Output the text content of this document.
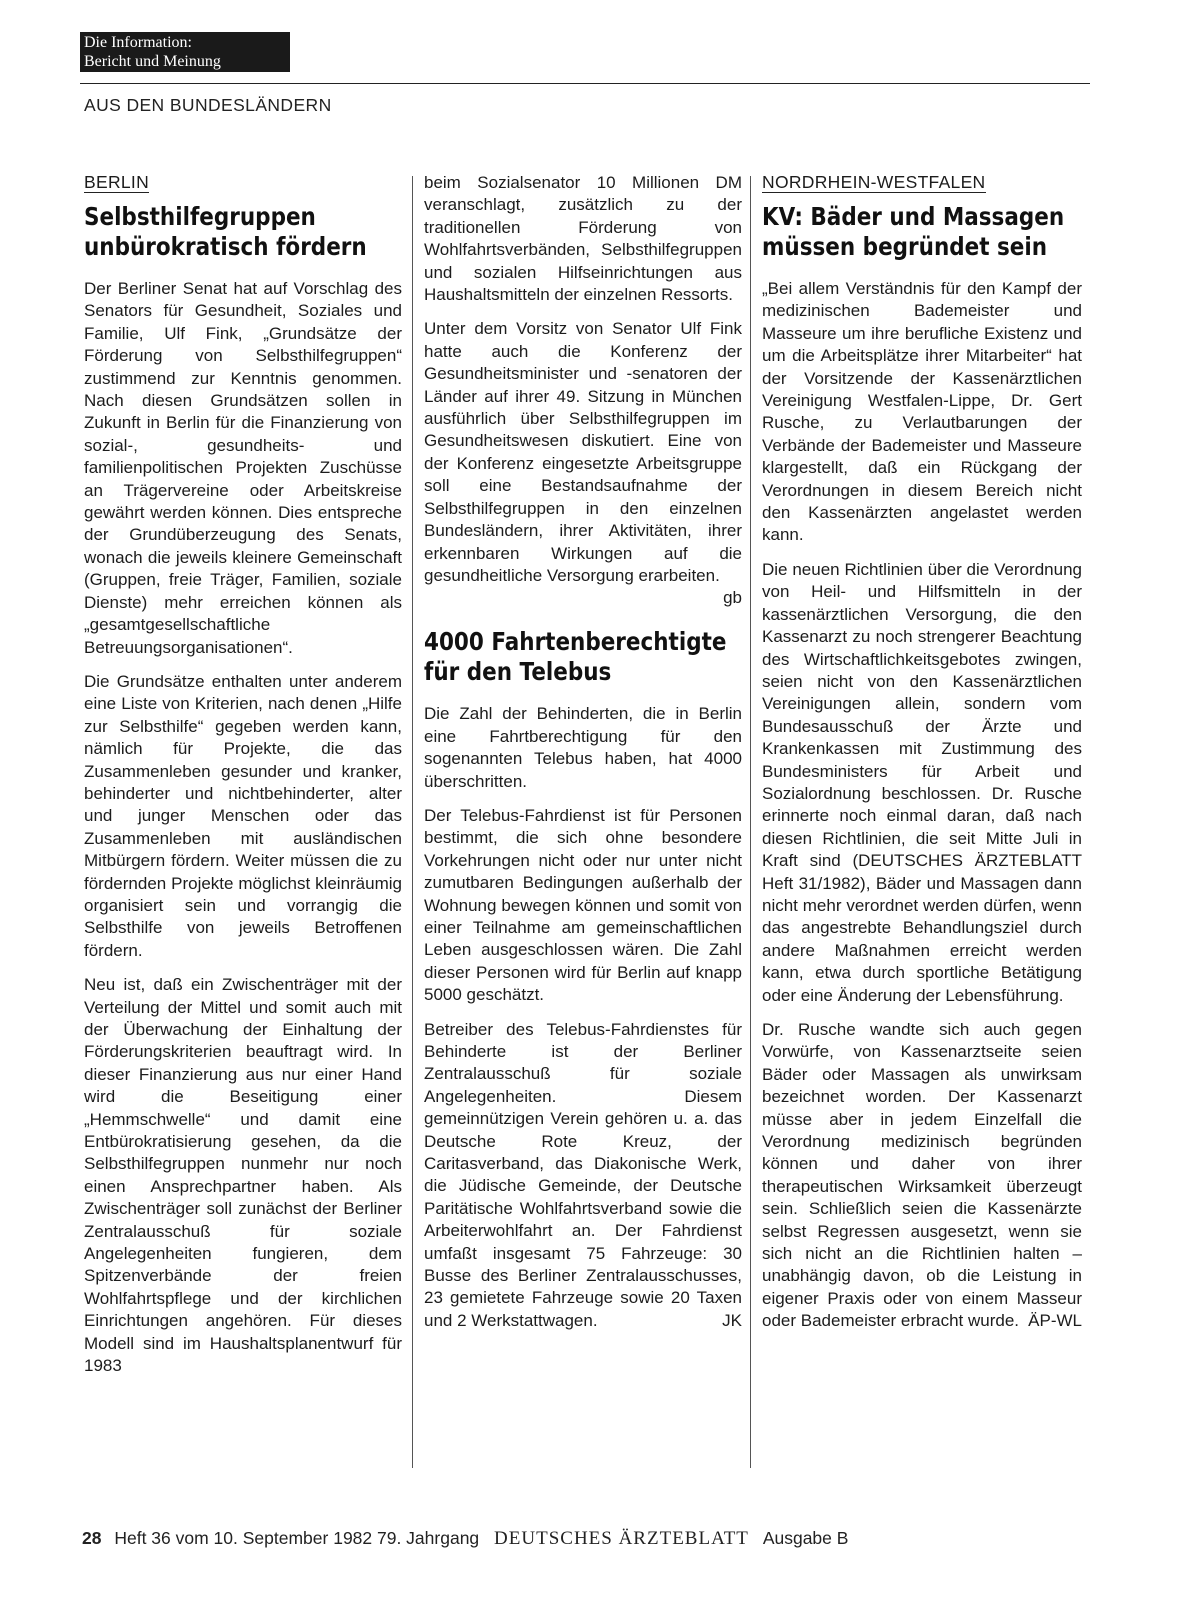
Die Information:
Bericht und Meinung
AUS DEN BUNDESLÄNDERN
BERLIN
Selbsthilfegruppen
unbürokratisch fördern

Der Berliner Senat hat auf Vorschlag des Senators für Gesundheit, Soziales und Familie, Ulf Fink, „Grundsätze der Förderung von Selbsthilfegruppen“ zustimmend zur Kenntnis genommen. Nach diesen Grundsätzen sollen in Zukunft in Berlin für die Finanzierung von sozial-, gesundheits- und familienpolitischen Projekten Zuschüsse an Trägervereine oder Arbeitskreise gewährt werden können. Dies entspreche der Grundüberzeugung des Senats, wonach die jeweils kleinere Gemeinschaft (Gruppen, freie Träger, Familien, soziale Dienste) mehr erreichen können als „gesamtgesellschaftliche Betreuungsorganisationen“.

Die Grundsätze enthalten unter anderem eine Liste von Kriterien, nach denen „Hilfe zur Selbsthilfe“ gegeben werden kann, nämlich für Projekte, die das Zusammenleben gesunder und kranker, behinderter und nichtbehinderter, alter und junger Menschen oder das Zusammenleben mit ausländischen Mitbürgern fördern. Weiter müssen die zu fördernden Projekte möglichst kleinräumig organisiert sein und vorrangig die Selbsthilfe von jeweils Betroffenen fördern.

Neu ist, daß ein Zwischenträger mit der Verteilung der Mittel und somit auch mit der Überwachung der Einhaltung der Förderungskriterien beauftragt wird. In dieser Finanzierung aus nur einer Hand wird die Beseitigung einer „Hemmschwelle“ und damit eine Entbürokratisierung gesehen, da die Selbsthilfegruppen nunmehr nur noch einen Ansprechpartner haben. Als Zwischenträger soll zunächst der Berliner Zentralausschuß für soziale Angelegenheiten fungieren, dem Spitzenverbände der freien Wohlfahrtspflege und der kirchlichen Einrichtungen angehören. Für dieses Modell sind im Haushaltsplanentwurf für 1983

beim Sozialsenator 10 Millionen DM veranschlagt, zusätzlich zu der traditionellen Förderung von Wohlfahrtsverbänden, Selbsthilfegruppen und sozialen Hilfseinrichtungen aus Haushaltsmitteln der einzelnen Ressorts.

Unter dem Vorsitz von Senator Ulf Fink hatte auch die Konferenz der Gesundheitsminister und -senatoren der Länder auf ihrer 49. Sitzung in München ausführlich über Selbsthilfegruppen im Gesundheitswesen diskutiert. Eine von der Konferenz eingesetzte Arbeitsgruppe soll eine Bestandsaufnahme der Selbsthilfegruppen in den einzelnen Bundesländern, ihrer Aktivitäten, ihrer erkennbaren Wirkungen auf die gesundheitliche Versorgung erarbeiten.
gb

4000 Fahrtenberechtigte
für den Telebus

Die Zahl der Behinderten, die in Berlin eine Fahrtberechtigung für den sogenannten Telebus haben, hat 4000 überschritten.

Der Telebus-Fahrdienst ist für Personen bestimmt, die sich ohne besondere Vorkehrungen nicht oder nur unter nicht zumutbaren Bedingungen außerhalb der Wohnung bewegen können und somit von einer Teilnahme am gemeinschaftlichen Leben ausgeschlossen wären. Die Zahl dieser Personen wird für Berlin auf knapp 5000 geschätzt.

Betreiber des Telebus-Fahrdienstes für Behinderte ist der Berliner Zentralausschuß für soziale Angelegenheiten. Diesem gemeinnützigen Verein gehören u. a. das Deutsche Rote Kreuz, der Caritasverband, das Diakonische Werk, die Jüdische Gemeinde, der Deutsche Paritätische Wohlfahrtsverband sowie die Arbeiterwohlfahrt an. Der Fahrdienst umfaßt insgesamt 75 Fahrzeuge: 30 Busse des Berliner Zentralausschusses, 23 gemietete Fahrzeuge sowie 20 Taxen und 2 Werkstattwagen.	JK

NORDRHEIN-WESTFALEN
KV: Bäder und Massagen
müssen begründet sein

„Bei allem Verständnis für den Kampf der medizinischen Bademeister und Masseure um ihre berufliche Existenz und um die Arbeitsplätze ihrer Mitarbeiter“ hat der Vorsitzende der Kassenärztlichen Vereinigung Westfalen-Lippe, Dr. Gert Rusche, zu Verlautbarungen der Verbände der Bademeister und Masseure klargestellt, daß ein Rückgang der Verordnungen in diesem Bereich nicht den Kassenärzten angelastet werden kann.

Die neuen Richtlinien über die Verordnung von Heil- und Hilfsmitteln in der kassenärztlichen Versorgung, die den Kassenarzt zu noch strengerer Beachtung des Wirtschaftlichkeitsgebotes zwingen, seien nicht von den Kassenärztlichen Vereinigungen allein, sondern vom Bundesausschuß der Ärzte und Krankenkassen mit Zustimmung des Bundesministers für Arbeit und Sozialordnung beschlossen. Dr. Rusche erinnerte noch einmal daran, daß nach diesen Richtlinien, die seit Mitte Juli in Kraft sind (DEUTSCHES ÄRZTEBLATT Heft 31/1982), Bäder und Massagen dann nicht mehr verordnet werden dürfen, wenn das angestrebte Behandlungsziel durch andere Maßnahmen erreicht werden kann, etwa durch sportliche Betätigung oder eine Änderung der Lebensführung.

Dr. Rusche wandte sich auch gegen Vorwürfe, von Kassenarztseite seien Bäder oder Massagen als unwirksam bezeichnet worden. Der Kassenarzt müsse aber in jedem Einzelfall die Verordnung medizinisch begründen können und daher von ihrer therapeutischen Wirksamkeit überzeugt sein. Schließlich seien die Kassenärzte selbst Regressen ausgesetzt, wenn sie sich nicht an die Richtlinien halten – unabhängig davon, ob die Leistung in eigener Praxis oder von einem Masseur oder Bademeister erbracht wurde. ÄP-WL

28 Heft 36 vom 10. September 1982 79. Jahrgang DEUTSCHES ÄRZTEBLATT Ausgabe B
